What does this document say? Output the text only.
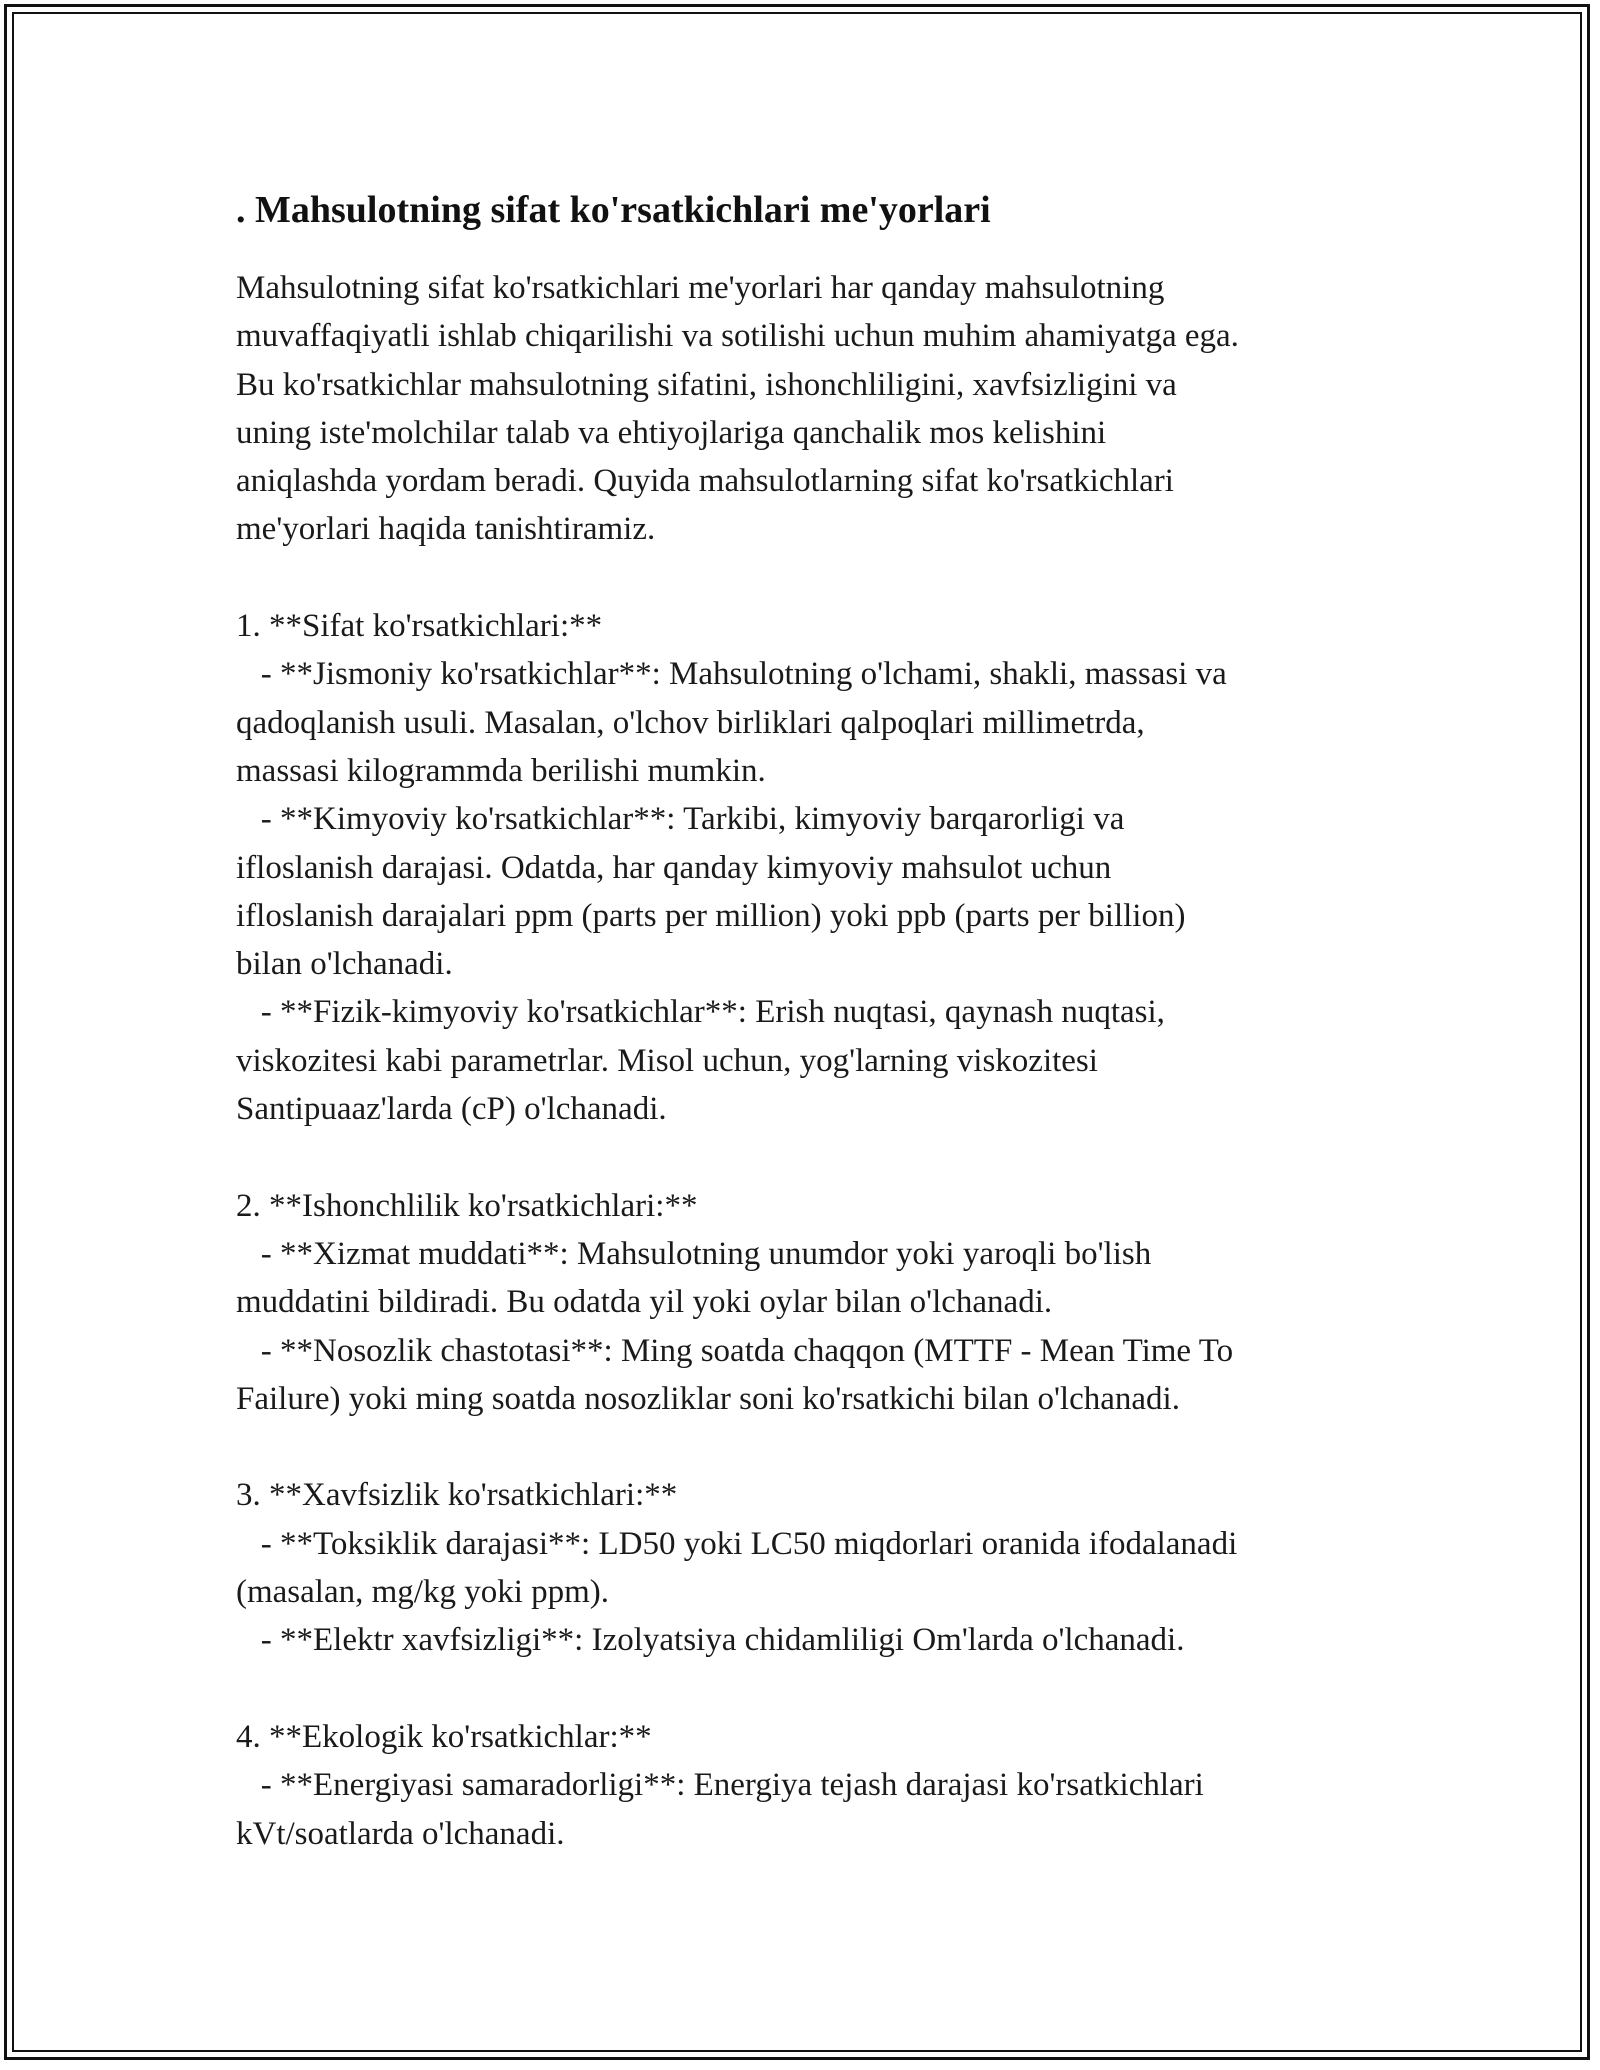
. Mahsulotning sifat ko'rsatkichlari me'yorlari
Mahsulotning sifat ko'rsatkichlari me'yorlari har qanday mahsulotning
muvaffaqiyatli ishlab chiqarilishi va sotilishi uchun muhim ahamiyatga ega.
Bu ko'rsatkichlar mahsulotning sifatini, ishonchliligini, xavfsizligini va
uning iste'molchilar talab va ehtiyojlariga qanchalik mos kelishini
aniqlashda yordam beradi. Quyida mahsulotlarning sifat ko'rsatkichlari
me'yorlari haqida tanishtiramiz.
1. **Sifat ko'rsatkichlari:**
- **Jismoniy ko'rsatkichlar**: Mahsulotning o'lchami, shakli, massasi va
qadoqlanish usuli. Masalan, o'lchov birliklari qalpoqlari millimetrda,
massasi kilogrammda berilishi mumkin.
- **Kimyoviy ko'rsatkichlar**: Tarkibi, kimyoviy barqarorligi va
ifloslanish darajasi. Odatda, har qanday kimyoviy mahsulot uchun
ifloslanish darajalari ppm (parts per million) yoki ppb (parts per billion)
bilan o'lchanadi.
- **Fizik-kimyoviy ko'rsatkichlar**: Erish nuqtasi, qaynash nuqtasi,
viskozitesi kabi parametrlar. Misol uchun, yog'larning viskozitesi
Santipuaaz'larda (cP) o'lchanadi.
2. **Ishonchlilik ko'rsatkichlari:**
- **Xizmat muddati**: Mahsulotning unumdor yoki yaroqli bo'lish
muddatini bildiradi. Bu odatda yil yoki oylar bilan o'lchanadi.
- **Nosozlik chastotasi**: Ming soatda chaqqon (MTTF - Mean Time To
Failure) yoki ming soatda nosozliklar soni ko'rsatkichi bilan o'lchanadi.
3. **Xavfsizlik ko'rsatkichlari:**
- **Toksiklik darajasi**: LD50 yoki LC50 miqdorlari oranida ifodalanadi
(masalan, mg/kg yoki ppm).
- **Elektr xavfsizligi**: Izolyatsiya chidamliligi Om'larda o'lchanadi.
4. **Ekologik ko'rsatkichlar:**
- **Energiyasi samaradorligi**: Energiya tejash darajasi ko'rsatkichlari
kVt/soatlarda o'lchanadi.
